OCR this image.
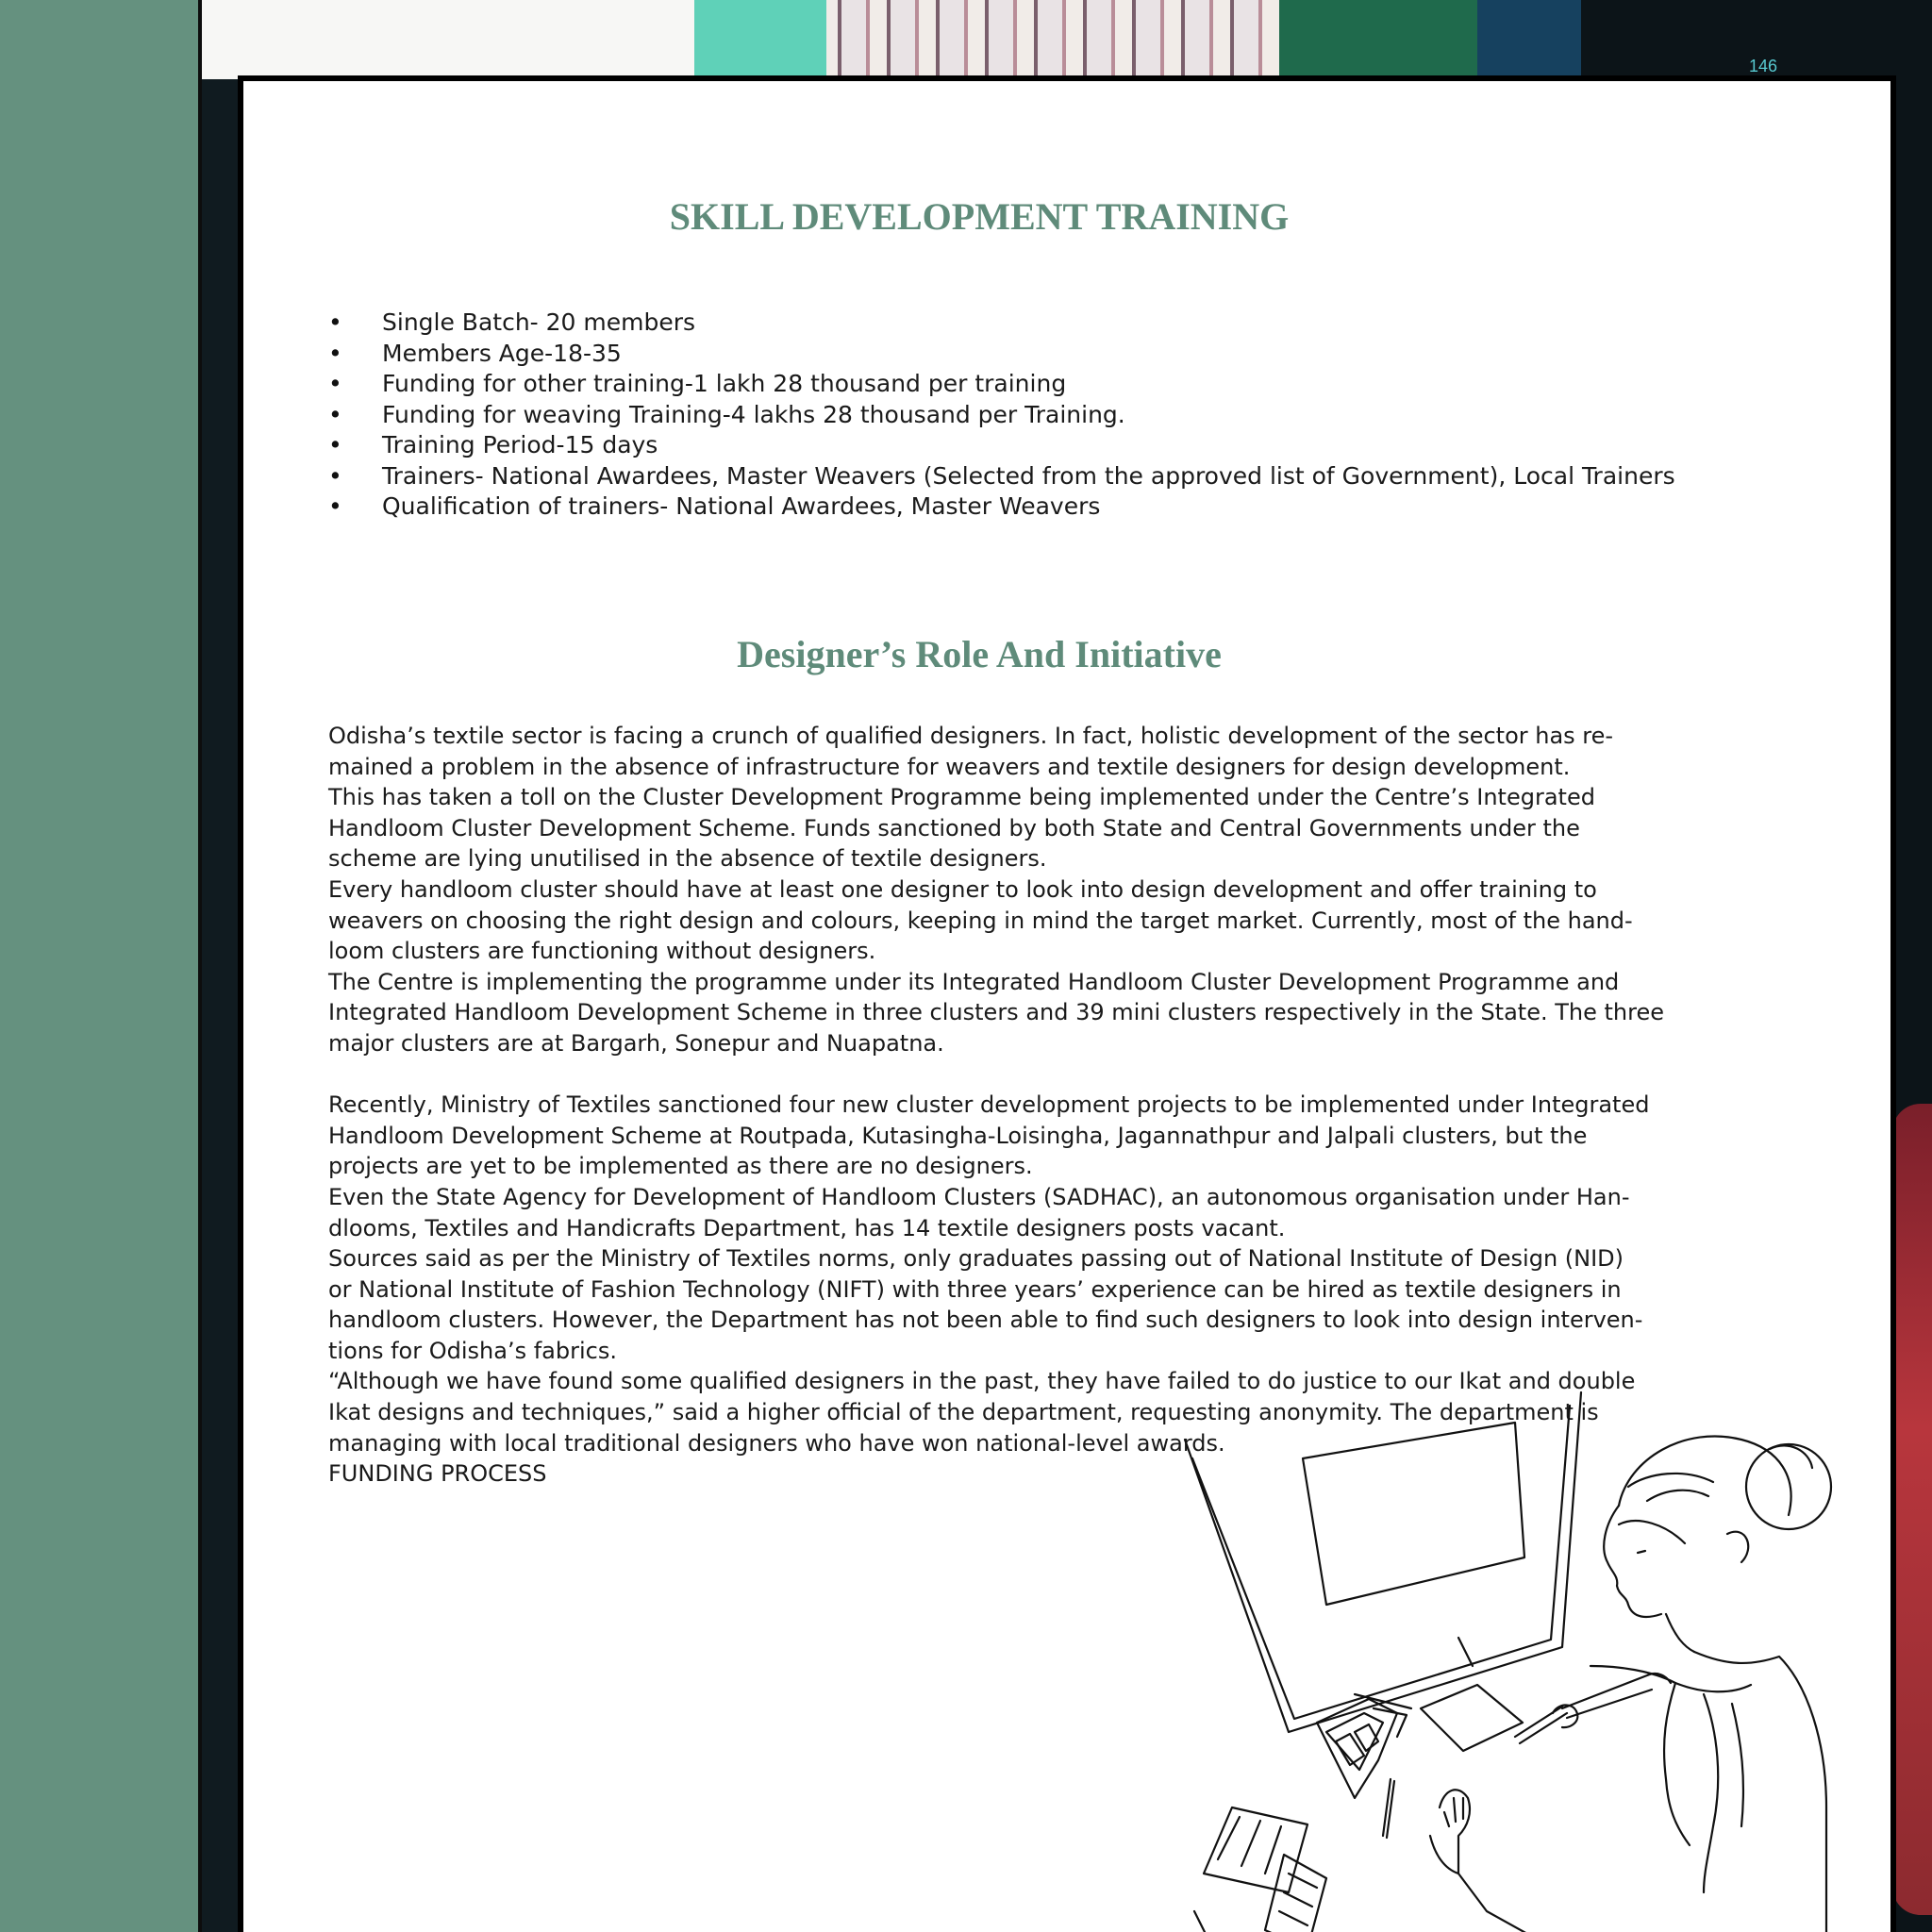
146
SKILL DEVELOPMENT TRAINING
• Single Batch- 20 members
• Members Age-18-35
• Funding for other training-1 lakh 28 thousand per training
• Funding for weaving Training-4 lakhs 28 thousand per Training.
• Training Period-15 days
• Trainers- National Awardees, Master Weavers (Selected from the approved list of Government), Local Trainers
• Qualification of trainers- National Awardees, Master Weavers
Designer’s Role And Initiative

Odisha’s textile sector is facing a crunch of qualified designers. In fact, holistic development of the sector has re-

mained a problem in the absence of infrastructure for weavers and textile designers for design development.

This has taken a toll on the Cluster Development Programme being implemented under the Centre’s Integrated

Handloom Cluster Development Scheme. Funds sanctioned by both State and Central Governments under the

scheme are lying unutilised in the absence of textile designers.

Every handloom cluster should have at least one designer to look into design development and offer training to

weavers on choosing the right design and colours, keeping in mind the target market. Currently, most of the hand-

loom clusters are functioning without designers.

The Centre is implementing the programme under its Integrated Handloom Cluster Development Programme and

Integrated Handloom Development Scheme in three clusters and 39 mini clusters respectively in the State. The three

major clusters are at Bargarh, Sonepur and Nuapatna.

Recently, Ministry of Textiles sanctioned four new cluster development projects to be implemented under Integrated

Handloom Development Scheme at Routpada, Kutasingha-Loisingha, Jagannathpur and Jalpali clusters, but the

projects are yet to be implemented as there are no designers.

Even the State Agency for Development of Handloom Clusters (SADHAC), an autonomous organisation under Han-

dlooms, Textiles and Handicrafts Department, has 14 textile designers posts vacant.

Sources said as per the Ministry of Textiles norms, only graduates passing out of National Institute of Design (NID)

or National Institute of Fashion Technology (NIFT) with three years’ experience can be hired as textile designers in

handloom clusters. However, the Department has not been able to find such designers to look into design interven-

tions for Odisha’s fabrics.

“Although we have found some qualified designers in the past, they have failed to do justice to our Ikat and double

Ikat designs and techniques,” said a higher official of the department, requesting anonymity. The department is

managing with local traditional designers who have won national-level awards.

FUNDING PROCESS
